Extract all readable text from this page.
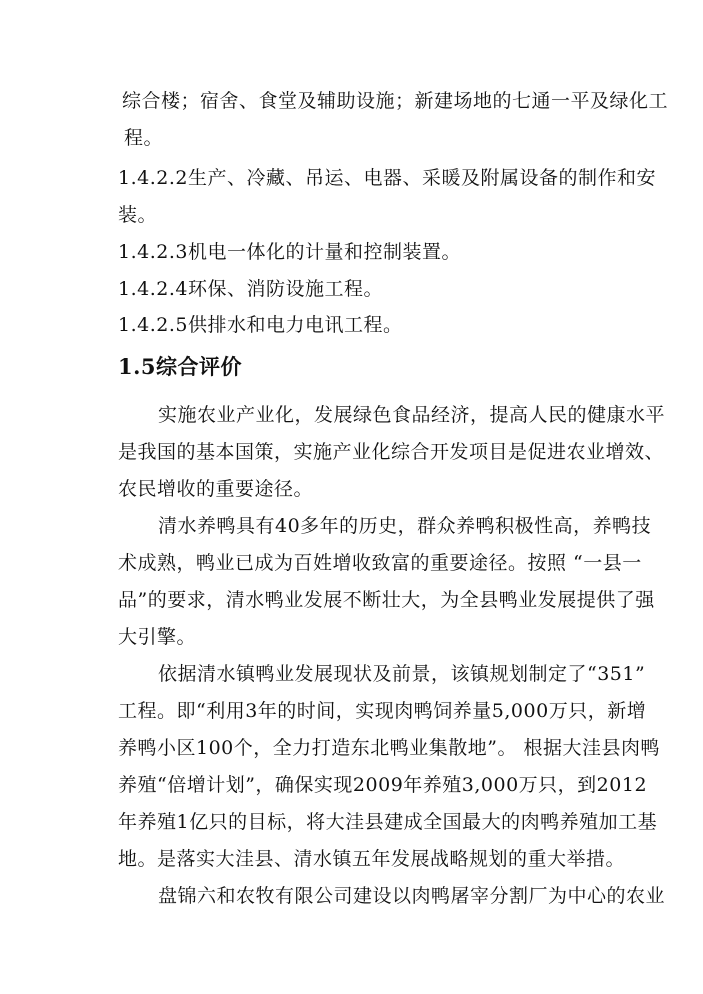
综合楼；宿舍、食堂及辅助设施；新建场地的七通一平及绿化工
程。
1.4.2.2生产、冷藏、吊运、电器、采暖及附属设备的制作和安
装。
1.4.2.3机电一体化的计量和控制装置。
1.4.2.4环保、消防设施工程。
1.4.2.5供排水和电力电讯工程。
1.5综合评价
实施农业产业化，发展绿色食品经济，提高人民的健康水平
是我国的基本国策，实施产业化综合开发项目是促进农业增效、
农民增收的重要途径。
清水养鸭具有40多年的历史，群众养鸭积极性高，养鸭技
术成熟，鸭业已成为百姓增收致富的重要途径。按照 “一县一
品”的要求，清水鸭业发展不断壮大，为全县鸭业发展提供了强
大引擎。
依据清水镇鸭业发展现状及前景，该镇规划制定了“351”
工程。即“利用3年的时间，实现肉鸭饲养量5,000万只，新增
养鸭小区100个，全力打造东北鸭业集散地”。 根据大洼县肉鸭
养殖“倍增计划”，确保实现2009年养殖3,000万只，到2012
年养殖1亿只的目标，将大洼县建成全国最大的肉鸭养殖加工基
地。是落实大洼县、清水镇五年发展战略规划的重大举措。
盘锦六和农牧有限公司建设以肉鸭屠宰分割厂为中心的农业
